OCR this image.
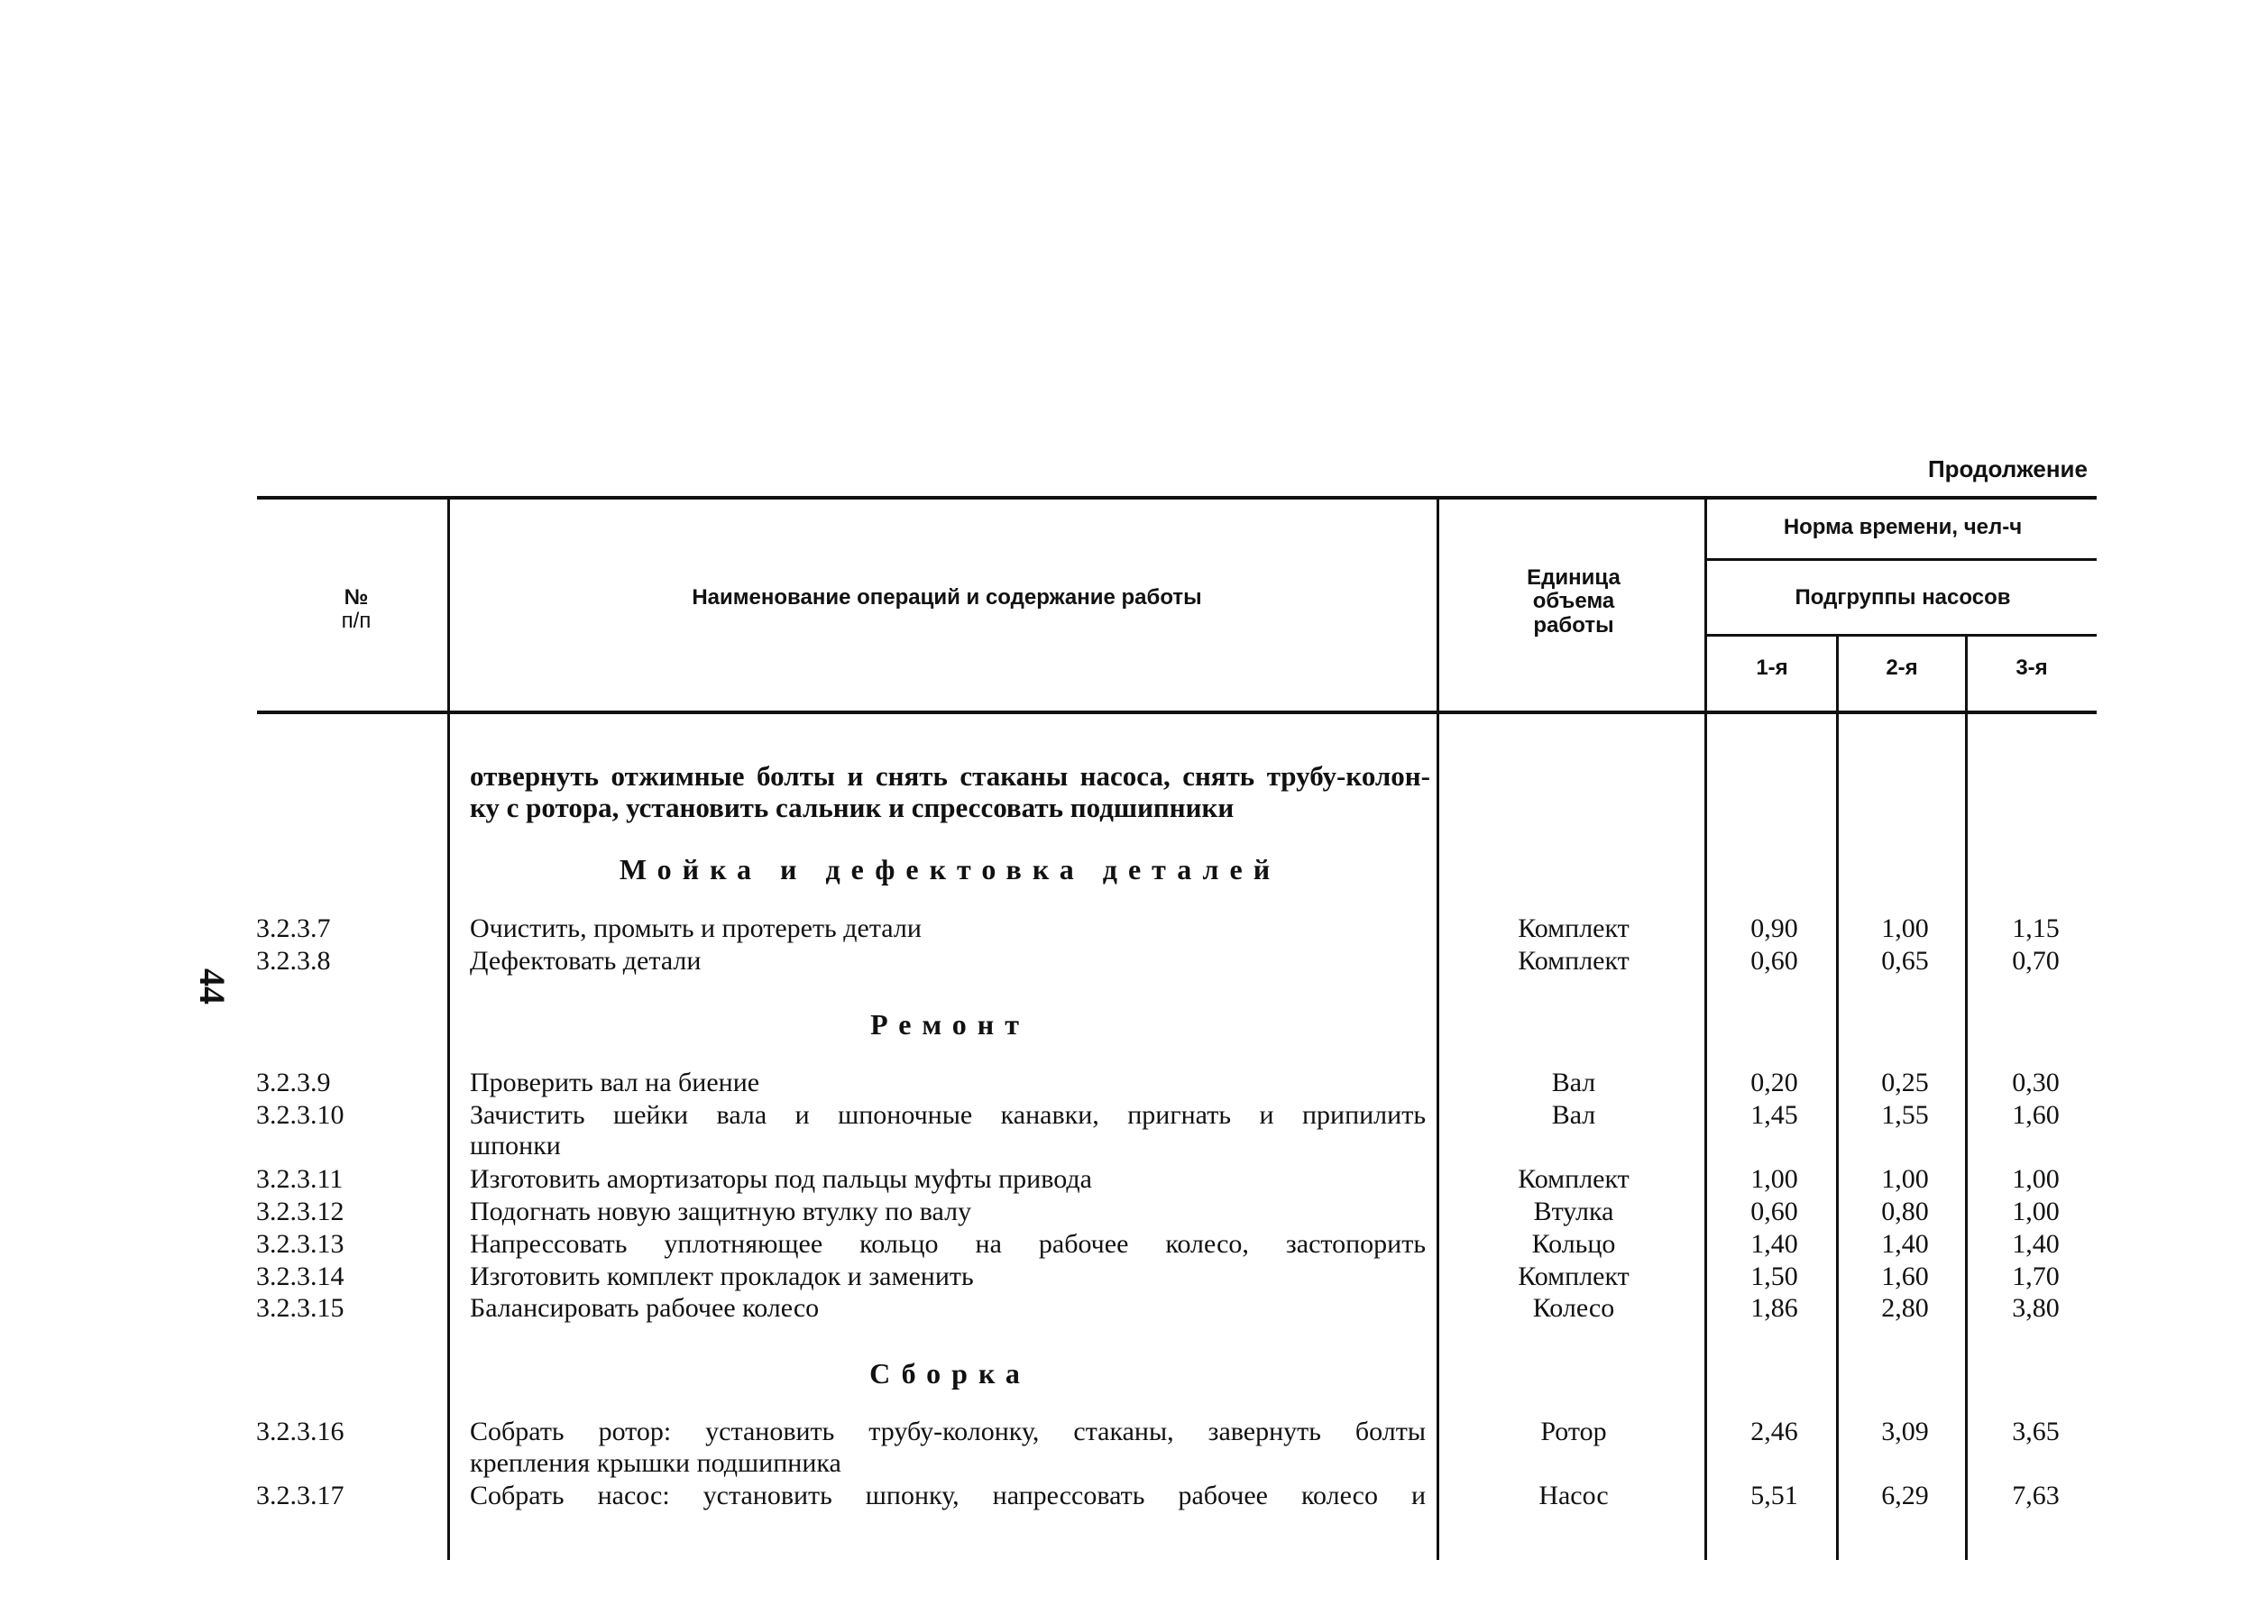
44
Продолжение
№
п/п
Наименование операций и содержание работы
Единица объема работы
Норма времени, чел-ч
Подгруппы насосов
1-я	2-я	3-я
отвернуть отжимные болты и снять стаканы насоса, снять трубу-колон-
ку с ротора, установить сальник и спрессовать подшипники
Мойка и дефектовка деталей
3.2.3.7	Очистить, промыть и протереть детали	Комплект	0,90	1,00	1,15
3.2.3.8	Дефектовать детали	Комплект	0,60	0,65	0,70
Ремонт
3.2.3.9	Проверить вал на биение	Вал	0,20	0,25	0,30
3.2.3.10	Зачистить шейки вала и шпоночные канавки, пригнать и припилить	Вал	1,45	1,55	1,60
шпонки
3.2.3.11	Изготовить амортизаторы под пальцы муфты привода	Комплект	1,00	1,00	1,00
3.2.3.12	Подогнать новую защитную втулку по валу	Втулка	0,60	0,80	1,00
3.2.3.13	Напрессовать уплотняющее кольцо на рабочее колесо, застопорить	Кольцо	1,40	1,40	1,40
3.2.3.14	Изготовить комплект прокладок и заменить	Комплект	1,50	1,60	1,70
3.2.3.15	Балансировать рабочее колесо	Колесо	1,86	2,80	3,80
Сборка
3.2.3.16	Собрать ротор: установить трубу-колонку, стаканы, завернуть болты	Ротор	2,46	3,09	3,65
крепления крышки подшипника
3.2.3.17	Собрать насос: установить шпонку, напрессовать рабочее колесо и	Насос	5,51	6,29	7,63
